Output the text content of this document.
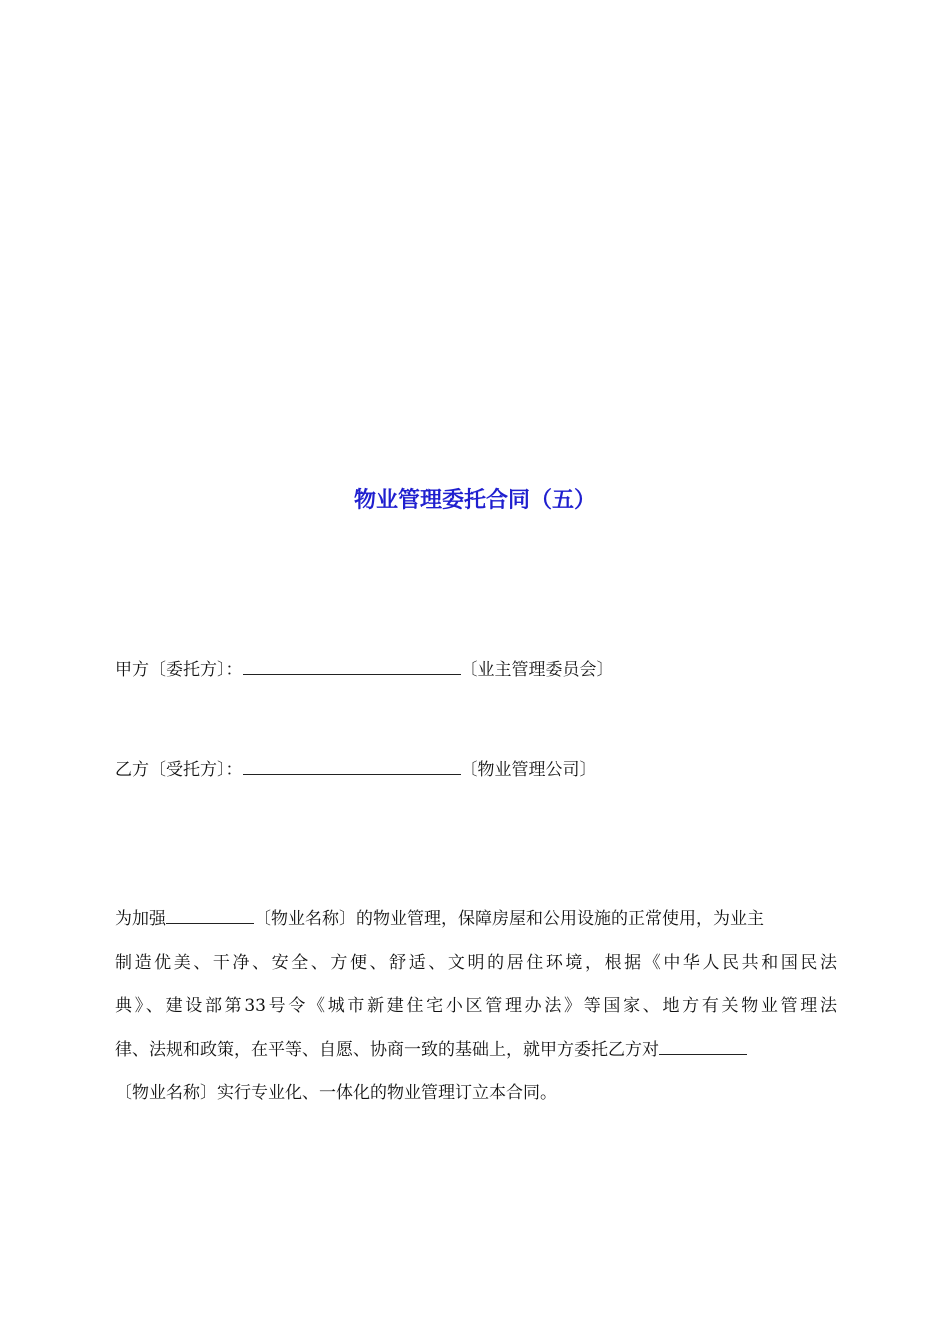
物业管理委托合同（五）
甲方〔委托方〕：	〔业主管理委员会〕
乙方〔受托方〕：	〔物业管理公司〕
为加强	〔物业名称〕的物业管理，保障房屋和公用设施的正常使用，为业主
制造优美、干净、安全、方便、舒适、文明的居住环境，根据《中华人民共和国民法
典》、建设部第33号令《城市新建住宅小区管理办法》等国家、地方有关物业管理法
律、法规和政策，在平等、自愿、协商一致的基础上，就甲方委托乙方对
〔物业名称〕实行专业化、一体化的物业管理订立本合同。
